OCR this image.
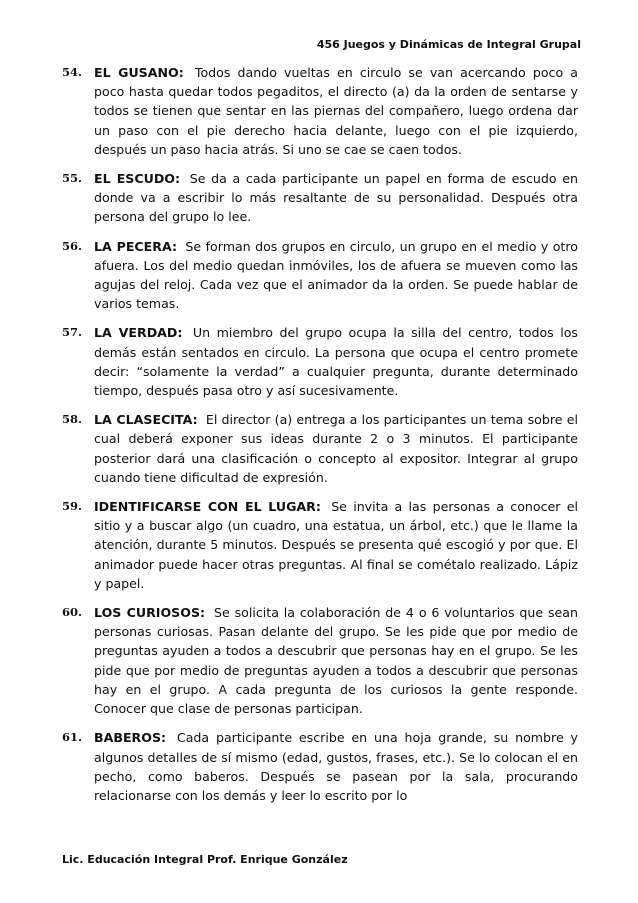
456 Juegos y Dinámicas de Integral Grupal
54. EL GUSANO: Todos dando vueltas en circulo se van acercando poco a poco hasta quedar todos pegaditos, el directo (a) da la orden de sentarse y todos se tienen que sentar en las piernas del compañero, luego ordena dar un paso con el pie derecho hacia delante, luego con el pie izquierdo, después un paso hacia atrás. Si uno se cae se caen todos.
55. EL ESCUDO: Se da a cada participante un papel en forma de escudo en donde va a escribir lo más resaltante de su personalidad. Después otra persona del grupo lo lee.
56. LA PECERA: Se forman dos grupos en circulo, un grupo en el medio y otro afuera. Los del medio quedan inmóviles, los de afuera se mueven como las agujas del reloj. Cada vez que el animador da la orden. Se puede hablar de varios temas.
57. LA VERDAD: Un miembro del grupo ocupa la silla del centro, todos los demás están sentados en circulo. La persona que ocupa el centro promete decir: “solamente la verdad” a cualquier pregunta, durante determinado tiempo, después pasa otro y así sucesivamente.
58. LA CLASECITA: El director (a) entrega a los participantes un tema sobre el cual deberá exponer sus ideas durante 2 o 3 minutos. El participante posterior dará una clasificación o concepto al expositor. Integrar al grupo cuando tiene dificultad de expresión.
59. IDENTIFICARSE CON EL LUGAR: Se invita a las personas a conocer el sitio y a buscar algo (un cuadro, una estatua, un árbol, etc.) que le llame la atención, durante 5 minutos. Después se presenta qué escogió y por que. El animador puede hacer otras preguntas. Al final se cométalo realizado. Lápiz y papel.
60. LOS CURIOSOS: Se solicita la colaboración de 4 o 6 voluntarios que sean personas curiosas. Pasan delante del grupo. Se les pide que por medio de preguntas ayuden a todos a descubrir que personas hay en el grupo. Se les pide que por medio de preguntas ayuden a todos a descubrir que personas hay en el grupo. A cada pregunta de los curiosos la gente responde. Conocer que clase de personas participan.
61. BABEROS: Cada participante escribe en una hoja grande, su nombre y algunos detalles de sí mismo (edad, gustos, frases, etc.). Se lo colocan el en pecho, como baberos. Después se pasean por la sala, procurando relacionarse con los demás y leer lo escrito por lo
Lic. Educación Integral Prof. Enrique González
